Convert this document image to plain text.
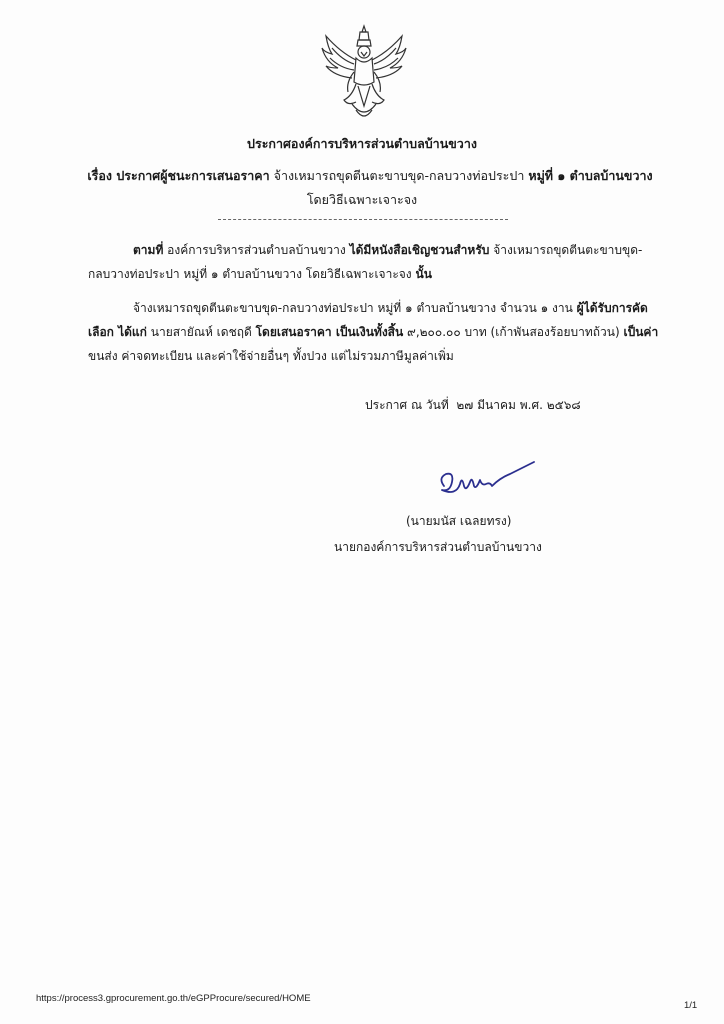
ประกาศองค์การบริหารส่วนตำบลบ้านขวาง
เรื่อง ประกาศผู้ชนะการเสนอราคา จ้างเหมารถขุดตีนตะขาบขุด-กลบวางท่อประปา หมู่ที่ ๑ ตำบลบ้านขวาง
โดยวิธีเฉพาะเจาะจง
ตามที่ องค์การบริหารส่วนตำบลบ้านขวาง ได้มีหนังสือเชิญชวนสำหรับ จ้างเหมารถขุดตีนตะขาบขุด-
กลบวางท่อประปา หมู่ที่ ๑ ตำบลบ้านขวาง โดยวิธีเฉพาะเจาะจง นั้น
จ้างเหมารถขุดตีนตะขาบขุด-กลบวางท่อประปา หมู่ที่ ๑ ตำบลบ้านขวาง จำนวน ๑ งาน ผู้ได้รับการคัด
เลือก ได้แก่ นายสายัณห์ เดชฤดี โดยเสนอราคา เป็นเงินทั้งสิ้น ๙,๒๐๐.๐๐ บาท (เก้าพันสองร้อยบาทถ้วน) เป็นค่า
ขนส่ง ค่าจดทะเบียน และค่าใช้จ่ายอื่นๆ ทั้งปวง แต่ไม่รวมภาษีมูลค่าเพิ่ม
ประกาศ ณ วันที่ ๒๗ มีนาคม พ.ศ. ๒๕๖๘
(นายมนัส เฉลยทรง)
นายกองค์การบริหารส่วนตำบลบ้านขวาง
https://process3.gprocurement.go.th/eGPProcure/secured/HOME
1/1
